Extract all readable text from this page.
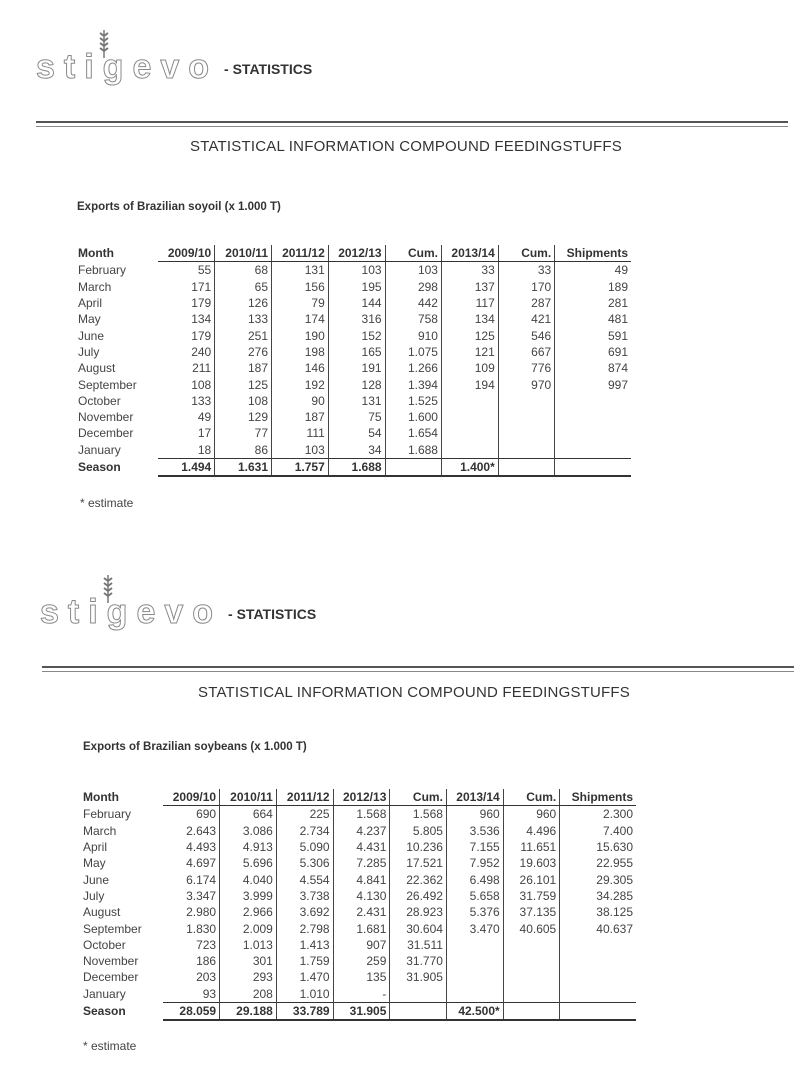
stigevo - STATISTICS
STATISTICAL INFORMATION COMPOUND FEEDINGSTUFFS
Exports of Brazilian soyoil (x 1.000 T)
Month	2009/10	2010/11	2011/12	2012/13	Cum.	2013/14	Cum.	Shipments
February	55	68	131	103	103	33	33	49
March	171	65	156	195	298	137	170	189
April	179	126	79	144	442	117	287	281
May	134	133	174	316	758	134	421	481
June	179	251	190	152	910	125	546	591
July	240	276	198	165	1.075	121	667	691
August	211	187	146	191	1.266	109	776	874
September	108	125	192	128	1.394	194	970	997
October	133	108	90	131	1.525			
November	49	129	187	75	1.600			
December	17	77	111	54	1.654			
January	18	86	103	34	1.688			
Season	1.494	1.631	1.757	1.688		1.400*		
* estimate
stigevo - STATISTICS
STATISTICAL INFORMATION COMPOUND FEEDINGSTUFFS
Exports of Brazilian soybeans (x 1.000 T)
Month	2009/10	2010/11	2011/12	2012/13	Cum.	2013/14	Cum.	Shipments
February	690	664	225	1.568	1.568	960	960	2.300
March	2.643	3.086	2.734	4.237	5.805	3.536	4.496	7.400
April	4.493	4.913	5.090	4.431	10.236	7.155	11.651	15.630
May	4.697	5.696	5.306	7.285	17.521	7.952	19.603	22.955
June	6.174	4.040	4.554	4.841	22.362	6.498	26.101	29.305
July	3.347	3.999	3.738	4.130	26.492	5.658	31.759	34.285
August	2.980	2.966	3.692	2.431	28.923	5.376	37.135	38.125
September	1.830	2.009	2.798	1.681	30.604	3.470	40.605	40.637
October	723	1.013	1.413	907	31.511			
November	186	301	1.759	259	31.770			
December	203	293	1.470	135	31.905			
January	93	208	1.010	-				
Season	28.059	29.188	33.789	31.905		42.500*		
* estimate
